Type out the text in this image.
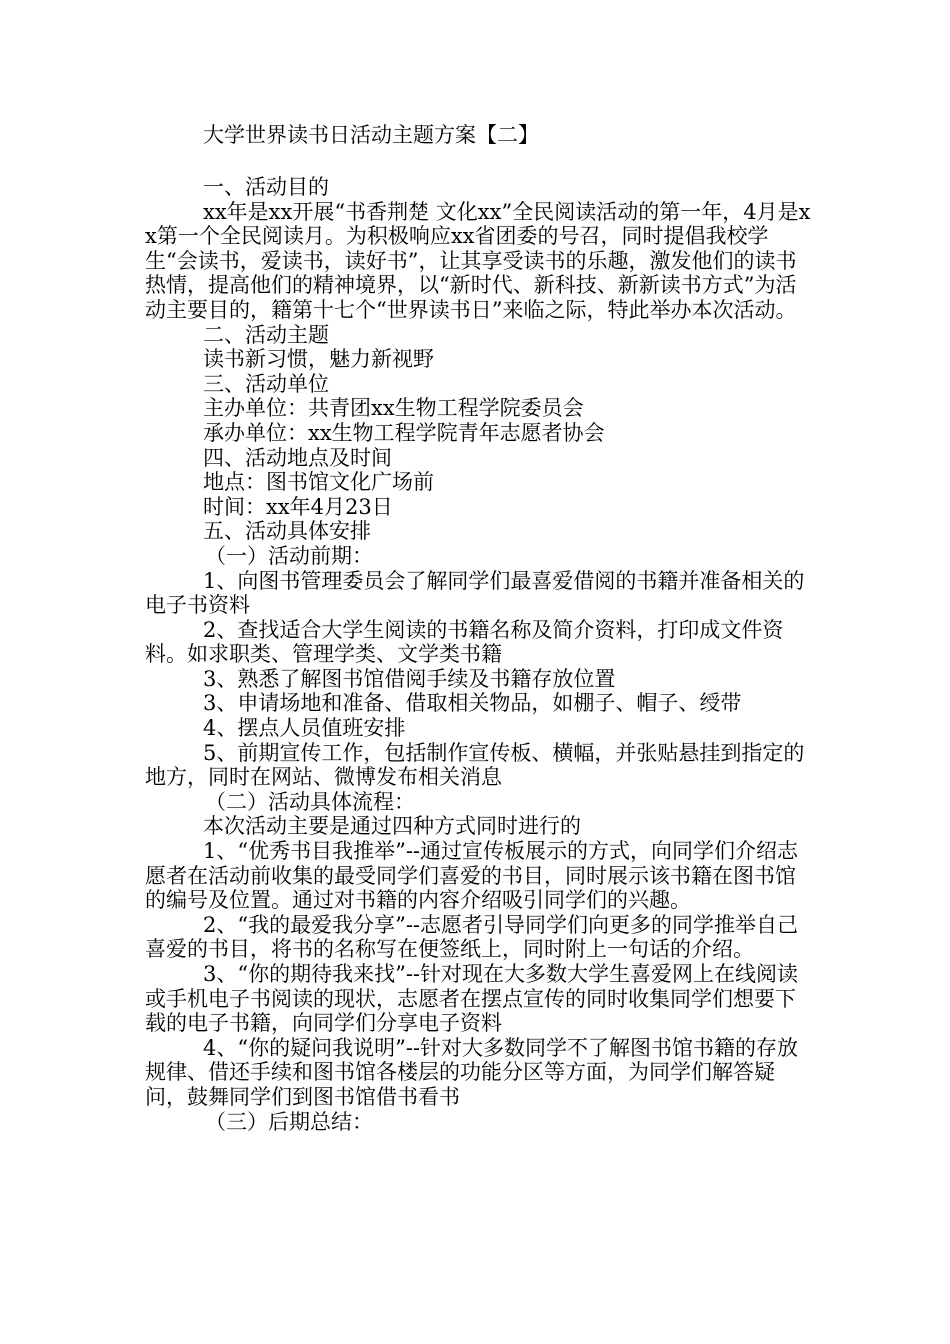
大学世界读书日活动主题方案【二】

一、活动目的

xx年是xx开展“书香荆楚 文化xx”全民阅读活动的第一年，4月是xx第一个全民阅读月。为积极响应xx省团委的号召，同时提倡我校学生“会读书，爱读书，读好书”，让其享受读书的乐趣，激发他们的读书热情，提高他们的精神境界，以“新时代、新科技、新新读书方式”为活动主要目的，籍第十七个“世界读书日”来临之际，特此举办本次活动。

二、活动主题

读书新习惯，魅力新视野

三、活动单位

主办单位：共青团xx生物工程学院委员会

承办单位：xx生物工程学院青年志愿者协会

四、活动地点及时间

地点：图书馆文化广场前

时间：xx年4月23日

五、活动具体安排

（一）活动前期：

1、向图书管理委员会了解同学们最喜爱借阅的书籍并准备相关的电子书资料

2、查找适合大学生阅读的书籍名称及简介资料，打印成文件资料。如求职类、管理学类、文学类书籍

3、熟悉了解图书馆借阅手续及书籍存放位置

3、申请场地和准备、借取相关物品，如棚子、帽子、绶带

4、摆点人员值班安排

5、前期宣传工作，包括制作宣传板、横幅，并张贴悬挂到指定的地方，同时在网站、微博发布相关消息

（二）活动具体流程：

本次活动主要是通过四种方式同时进行的

1、“优秀书目我推举”--通过宣传板展示的方式，向同学们介绍志愿者在活动前收集的最受同学们喜爱的书目，同时展示该书籍在图书馆的编号及位置。通过对书籍的内容介绍吸引同学们的兴趣。

2、“我的最爱我分享”--志愿者引导同学们向更多的同学推举自己喜爱的书目，将书的名称写在便签纸上，同时附上一句话的介绍。

3、“你的期待我来找”--针对现在大多数大学生喜爱网上在线阅读或手机电子书阅读的现状，志愿者在摆点宣传的同时收集同学们想要下载的电子书籍，向同学们分享电子资料

4、“你的疑问我说明”--针对大多数同学不了解图书馆书籍的存放规律、借还手续和图书馆各楼层的功能分区等方面，为同学们解答疑问，鼓舞同学们到图书馆借书看书

（三）后期总结：
